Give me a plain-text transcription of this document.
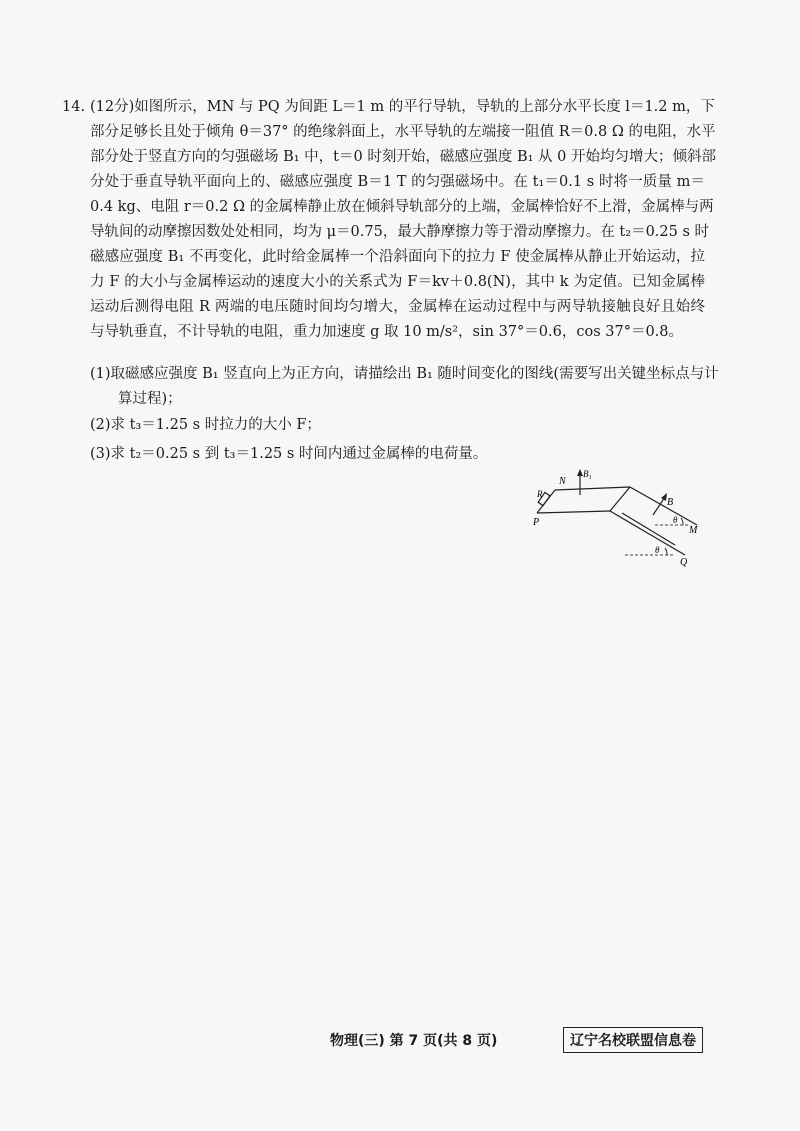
14. (12分)如图所示，MN 与 PQ 为间距 L＝1 m 的平行导轨，导轨的上部分水平长度 l＝1.2 m，下
部分足够长且处于倾角 θ＝37° 的绝缘斜面上，水平导轨的左端接一阻值 R＝0.8 Ω 的电阻，水平
部分处于竖直方向的匀强磁场 B₁ 中，t＝0 时刻开始，磁感应强度 B₁ 从 0 开始均匀增大；倾斜部
分处于垂直导轨平面向上的、磁感应强度 B＝1 T 的匀强磁场中。在 t₁＝0.1 s 时将一质量 m＝
0.4 kg、电阻 r＝0.2 Ω 的金属棒静止放在倾斜导轨部分的上端，金属棒恰好不上滑，金属棒与两
导轨间的动摩擦因数处处相同，均为 μ＝0.75，最大静摩擦力等于滑动摩擦力。在 t₂＝0.25 s 时
磁感应强度 B₁ 不再变化，此时给金属棒一个沿斜面向下的拉力 F 使金属棒从静止开始运动，拉
力 F 的大小与金属棒运动的速度大小的关系式为 F＝kv＋0.8(N)，其中 k 为定值。已知金属棒
运动后测得电阻 R 两端的电压随时间均匀增大，金属棒在运动过程中与两导轨接触良好且始终
与导轨垂直，不计导轨的电阻，重力加速度 g 取 10 m/s²，sin 37°＝0.6，cos 37°＝0.8。
(1)取磁感应强度 B₁ 竖直向上为正方向，请描绘出 B₁ 随时间变化的图线(需要写出关键坐标点与计
算过程)；
(2)求 t₃＝1.25 s 时拉力的大小 F；
(3)求 t₂＝0.25 s 到 t₃＝1.25 s 时间内通过金属棒的电荷量。
N
B₁
R
P
B
M
Q
θ
θ
物理(三) 第 7 页(共 8 页)	辽宁名校联盟信息卷
